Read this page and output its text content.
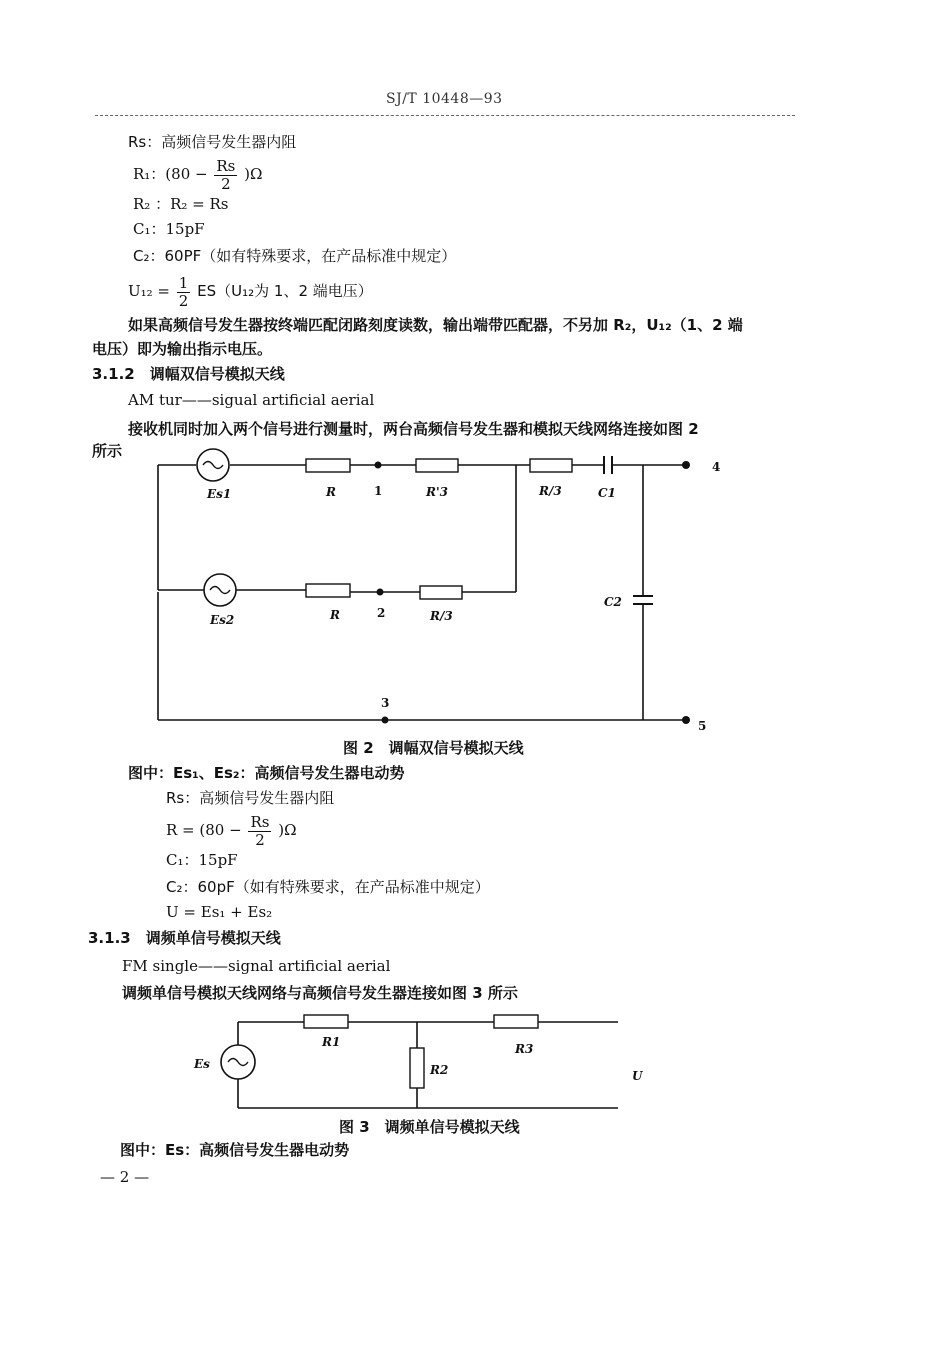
SJ/T 10448—93
Rs：高频信号发生器内阻
R₁：$(80 - \frac{Rs}{2} )\Omega$
R₂ ：R₂ = Rs
C₁：15pF
C₂：60PF（如有特殊要求，在产品标准中规定）
$U_{12} = \frac{1}{2} ES(U_{12}$为 1、2 端电压）
如果高频信号发生器按终端匹配闭路刻度读数，输出端带匹配器，不另加 R₂，U₁₂（1、2 端
电压）即为输出指示电压。
3.1.2　调幅双信号模拟天线
AM tur——sigual artificial aerial
接收机同时加入两个信号进行测量时，两台高频信号发生器和模拟天线网络连接如图 2
所示
Es1	R	1	R'3	R/3	C1
4
Es2	R	2	R/3
C2
3
5
图 2　调幅双信号模拟天线
图中：Es₁、Es₂：高频信号发生器电动势
Rs：高频信号发生器内阻
$R = (80 - \frac{Rs}{2} )\Omega$
C₁：15pF
C₂：60pF（如有特殊要求，在产品标准中规定）
U = Es₁ + Es₂
3.1.3　调频单信号模拟天线
FM single——signal artificial aerial
调频单信号模拟天线网络与高频信号发生器连接如图 3 所示
Es
R1
R2
R3
U
图 3　调频单信号模拟天线
图中：Es：高频信号发生器电动势
— 2 —
